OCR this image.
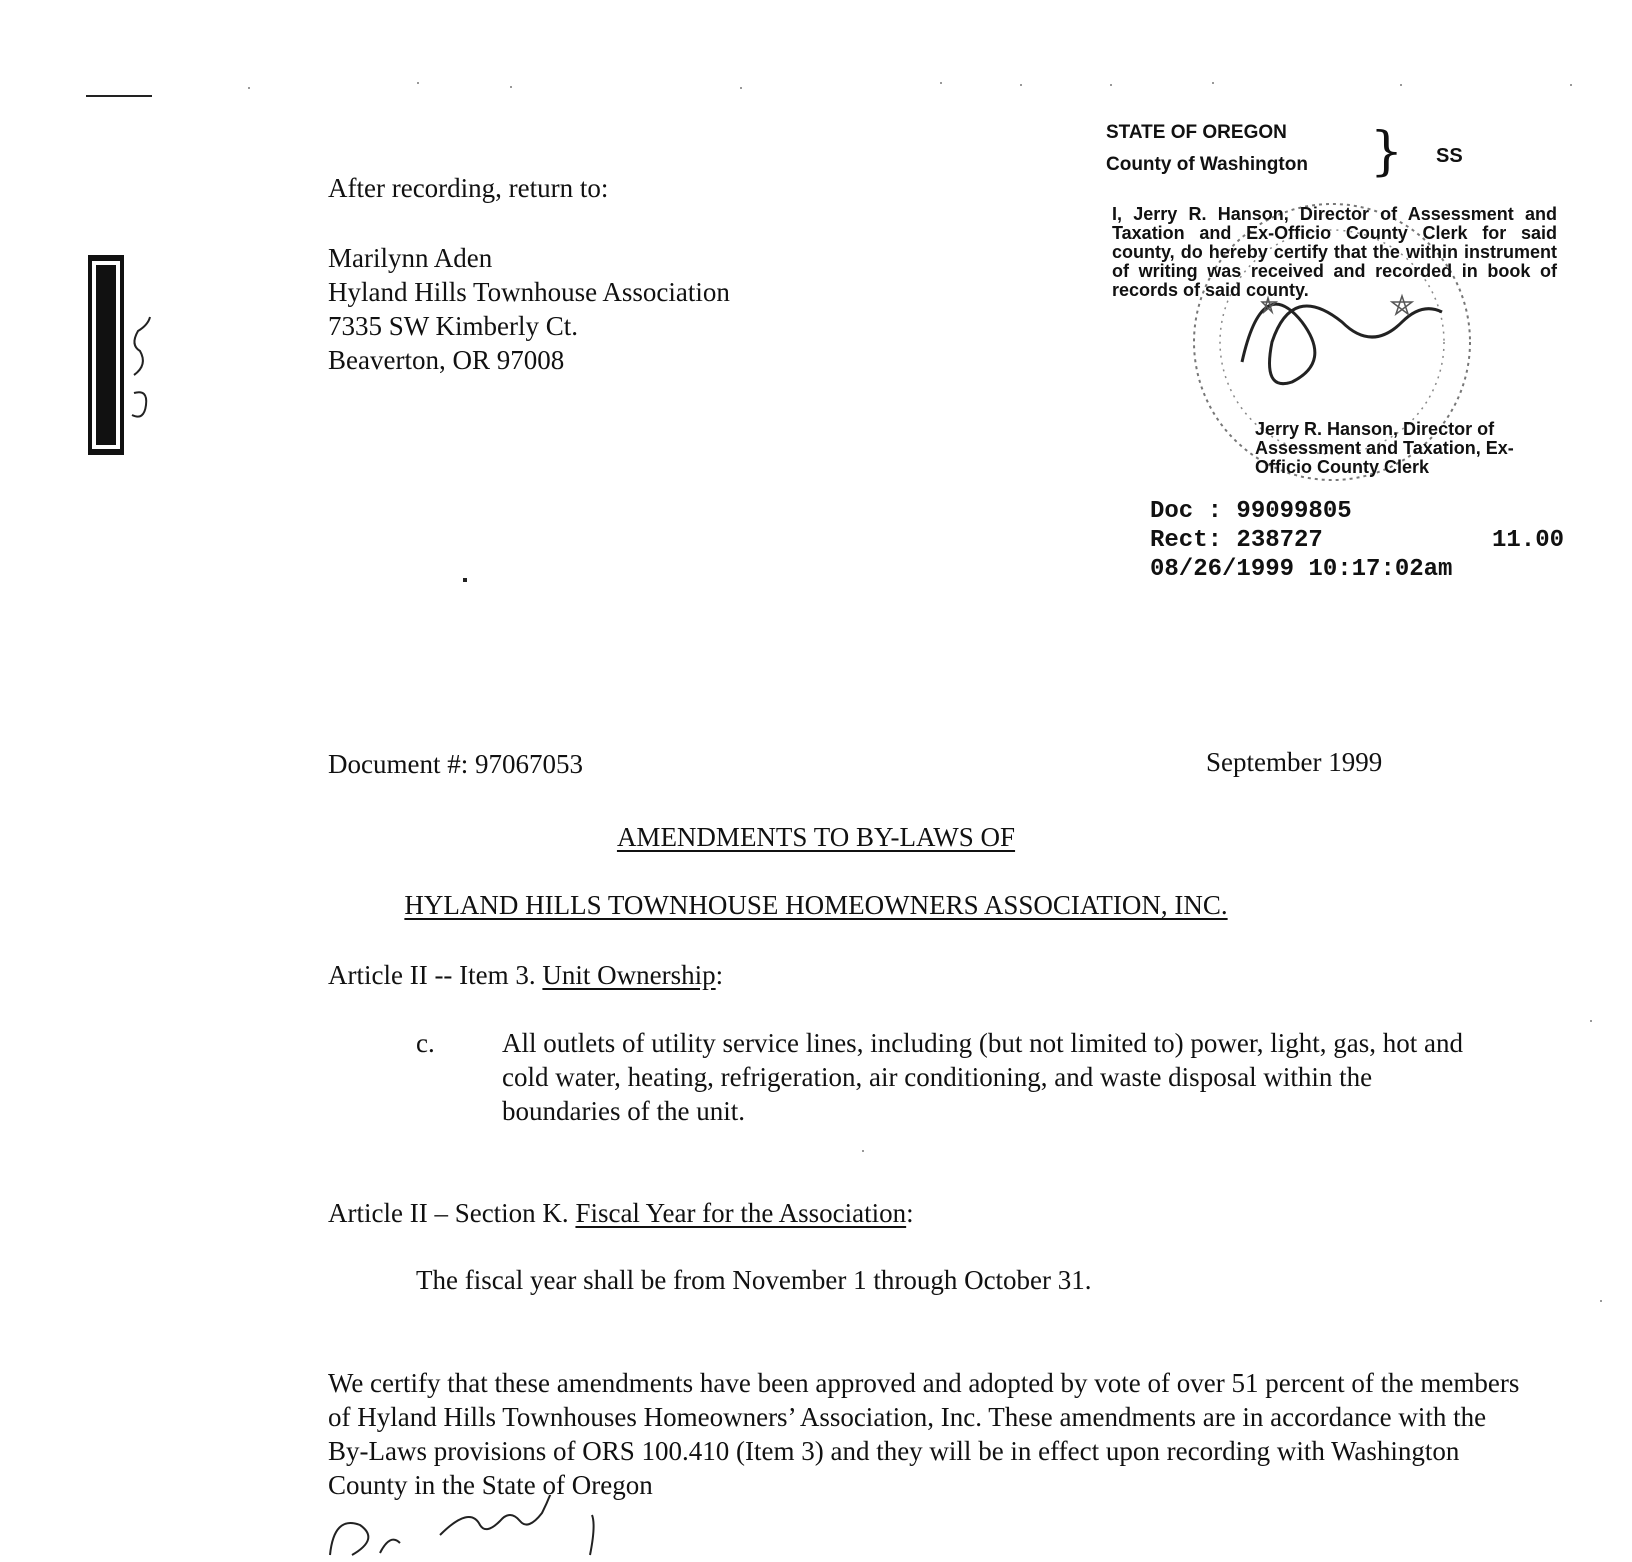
After recording, return to:
Marilynn Aden
Hyland Hills Townhouse Association
7335 SW Kimberly Ct.
Beaverton, OR 97008
STATE OF OREGON
County of Washington	} SS
I, Jerry R. Hanson, Director of Assessment and Taxation and Ex-Officio County Clerk for said county, do hereby certify that the within instrument of writing was received and recorded in book of records of said county.
Jerry R. Hanson, Director of Assessment and Taxation, Ex-Officio County Clerk
Doc : 99099805
Rect: 238727	11.00
08/26/1999 10:17:02am
Document #: 97067053	September 1999
AMENDMENTS TO BY-LAWS OF
HYLAND HILLS TOWNHOUSE HOMEOWNERS ASSOCIATION, INC.
Article II -- Item 3. Unit Ownership:
c. All outlets of utility service lines, including (but not limited to) power, light, gas, hot and cold water, heating, refrigeration, air conditioning, and waste disposal within the boundaries of the unit.
Article II – Section K. Fiscal Year for the Association:
The fiscal year shall be from November 1 through October 31.
We certify that these amendments have been approved and adopted by vote of over 51 percent of the members of Hyland Hills Townhouses Homeowners’ Association, Inc. These amendments are in accordance with the By-Laws provisions of ORS 100.410 (Item 3) and they will be in effect upon recording with Washington County in the State of Oregon
